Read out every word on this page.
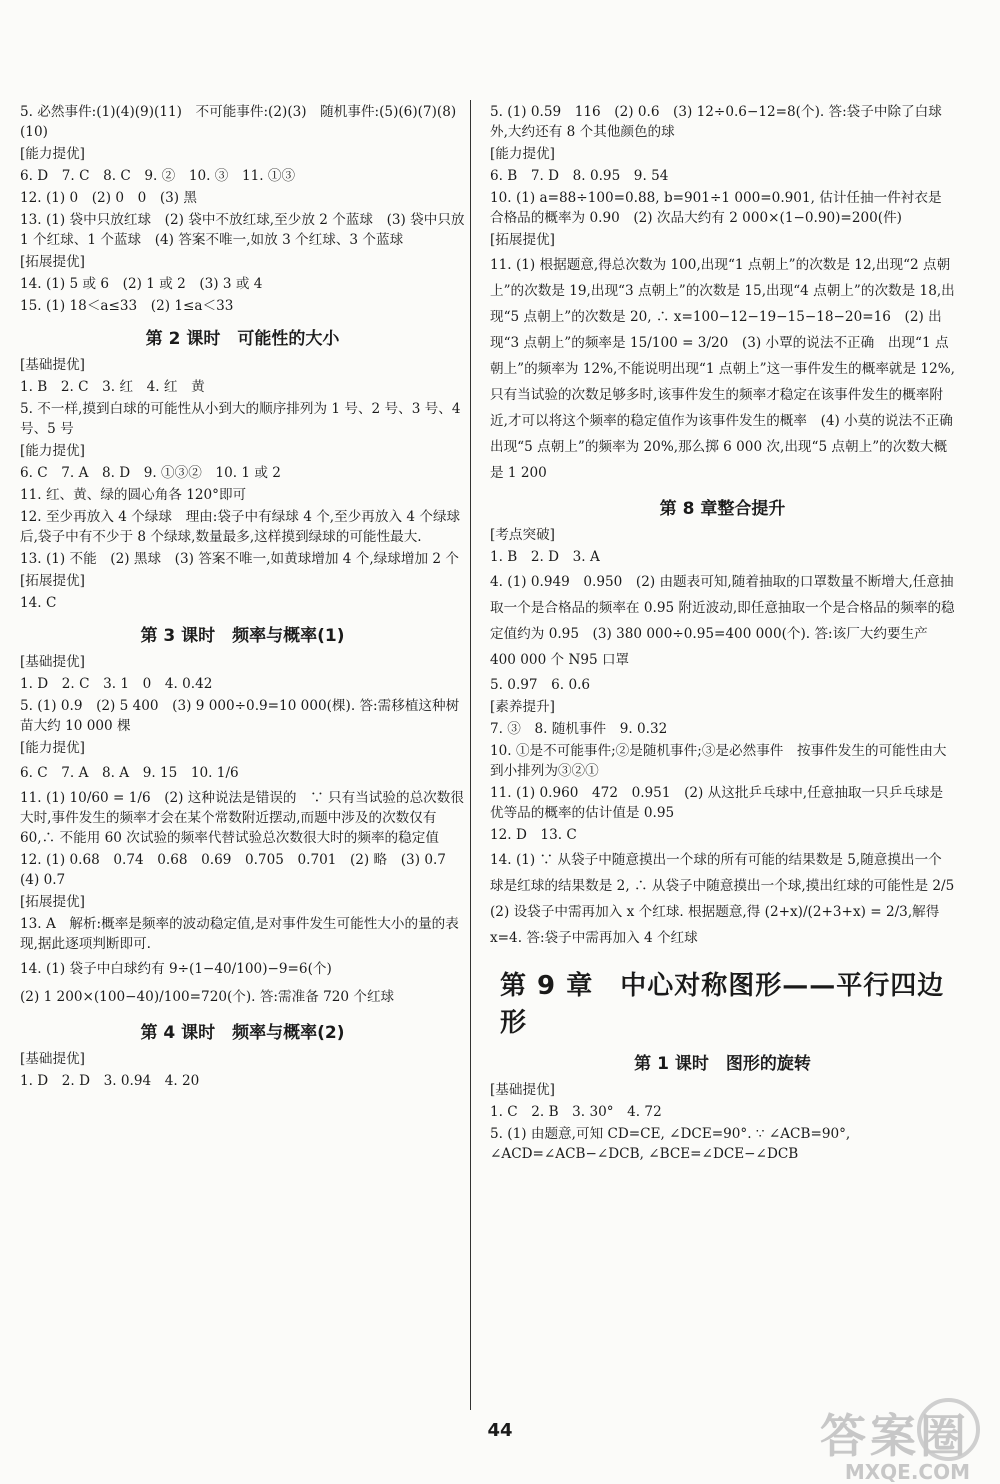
5. 必然事件:(1)(4)(9)(11)　不可能事件:(2)(3)　随机事件:(5)(6)(7)(8)(10)
[能力提优]
6. D　7. C　8. C　9. ②　10. ③　11. ①③
12. (1) 0　(2) 0　0　(3) 黑
13. (1) 袋中只放红球　(2) 袋中不放红球,至少放 2 个蓝球　(3) 袋中只放 1 个红球、1 个蓝球　(4) 答案不唯一,如放 3 个红球、3 个蓝球
[拓展提优]
14. (1) 5 或 6　(2) 1 或 2　(3) 3 或 4
15. (1) 18＜a≤33　(2) 1≤a＜33
第 2 课时　可能性的大小
[基础提优]
1. B　2. C　3. 红　4. 红　黄
5. 不一样,摸到白球的可能性从小到大的顺序排列为 1 号、2 号、3 号、4 号、5 号
[能力提优]
6. C　7. A　8. D　9. ①③②　10. 1 或 2
11. 红、黄、绿的圆心角各 120°即可
12. 至少再放入 4 个绿球　理由:袋子中有绿球 4 个,至少再放入 4 个绿球后,袋子中有不少于 8 个绿球,数量最多,这样摸到绿球的可能性最大.
13. (1) 不能　(2) 黑球　(3) 答案不唯一,如黄球增加 4 个,绿球增加 2 个
[拓展提优]
14. C
第 3 课时　频率与概率(1)
[基础提优]
1. D　2. C　3. 1　0　4. 0.42
5. (1) 0.9　(2) 5 400　(3) 9 000÷0.9=10 000(棵). 答:需移植这种树苗大约 10 000 棵
[能力提优]
6. C　7. A　8. A　9. 15　10. 1/6
11. (1) 10/60 = 1/6　(2) 这种说法是错误的　∵ 只有当试验的总次数很大时,事件发生的频率才会在某个常数附近摆动,而题中涉及的次数仅有 60,∴ 不能用 60 次试验的频率代替试验总次数很大时的频率的稳定值
12. (1) 0.68　0.74　0.68　0.69　0.705　0.701　(2) 略　(3) 0.7　(4) 0.7
[拓展提优]
13. A　解析:概率是频率的波动稳定值,是对事件发生可能性大小的量的表现,据此逐项判断即可.
14. (1) 袋子中白球约有 9÷(1−40/100)−9=6(个)
(2) 1 200×(100−40)/100=720(个). 答:需准备 720 个红球
第 4 课时　频率与概率(2)
[基础提优]
1. D　2. D　3. 0.94　4. 20
5. (1) 0.59　116　(2) 0.6　(3) 12÷0.6−12=8(个). 答:袋子中除了白球外,大约还有 8 个其他颜色的球
[能力提优]
6. B　7. D　8. 0.95　9. 54
10. (1) a=88÷100=0.88, b=901÷1 000=0.901, 估计任抽一件衬衣是合格品的概率为 0.90　(2) 次品大约有 2 000×(1−0.90)=200(件)
[拓展提优]
11. (1) 根据题意,得总次数为 100,出现“1 点朝上”的次数是 12,出现“2 点朝上”的次数是 19,出现“3 点朝上”的次数是 15,出现“4 点朝上”的次数是 18,出现“5 点朝上”的次数是 20, ∴ x=100−12−19−15−18−20=16　(2) 出现“3 点朝上”的频率是 15/100 = 3/20　(3) 小覃的说法不正确　出现“1 点朝上”的频率为 12%,不能说明出现“1 点朝上”这一事件发生的概率就是 12%,只有当试验的次数足够多时,该事件发生的频率才稳定在该事件发生的概率附近,才可以将这个频率的稳定值作为该事件发生的概率　(4) 小莫的说法不正确　出现“5 点朝上”的频率为 20%,那么掷 6 000 次,出现“5 点朝上”的次数大概是 1 200
第 8 章整合提升
[考点突破]
1. B　2. D　3. A
4. (1) 0.949　0.950　(2) 由题表可知,随着抽取的口罩数量不断增大,任意抽取一个是合格品的频率在 0.95 附近波动,即任意抽取一个是合格品的频率的稳定值约为 0.95　(3) 380 000÷0.95=400 000(个). 答:该厂大约要生产 400 000 个 N95 口罩
5. 0.97　6. 0.6
[素养提升]
7. ③　8. 随机事件　9. 0.32
10. ①是不可能事件;②是随机事件;③是必然事件　按事件发生的可能性由大到小排列为③②①
11. (1) 0.960　472　0.951　(2) 从这批乒乓球中,任意抽取一只乒乓球是优等品的概率的估计值是 0.95
12. D　13. C
14. (1) ∵ 从袋子中随意摸出一个球的所有可能的结果数是 5,随意摸出一个球是红球的结果数是 2, ∴ 从袋子中随意摸出一个球,摸出红球的可能性是 2/5　(2) 设袋子中需再加入 x 个红球. 根据题意,得 (2+x)/(2+3+x) = 2/3,解得 x=4. 答:袋子中需再加入 4 个红球
第 9 章　中心对称图形——平行四边形
第 1 课时　图形的旋转
[基础提优]
1. C　2. B　3. 30°　4. 72
5. (1) 由题意,可知 CD=CE, ∠DCE=90°. ∵ ∠ACB=90°, ∠ACD=∠ACB−∠DCB, ∠BCE=∠DCE−∠DCB
44	答案圈
MXQE.COM
